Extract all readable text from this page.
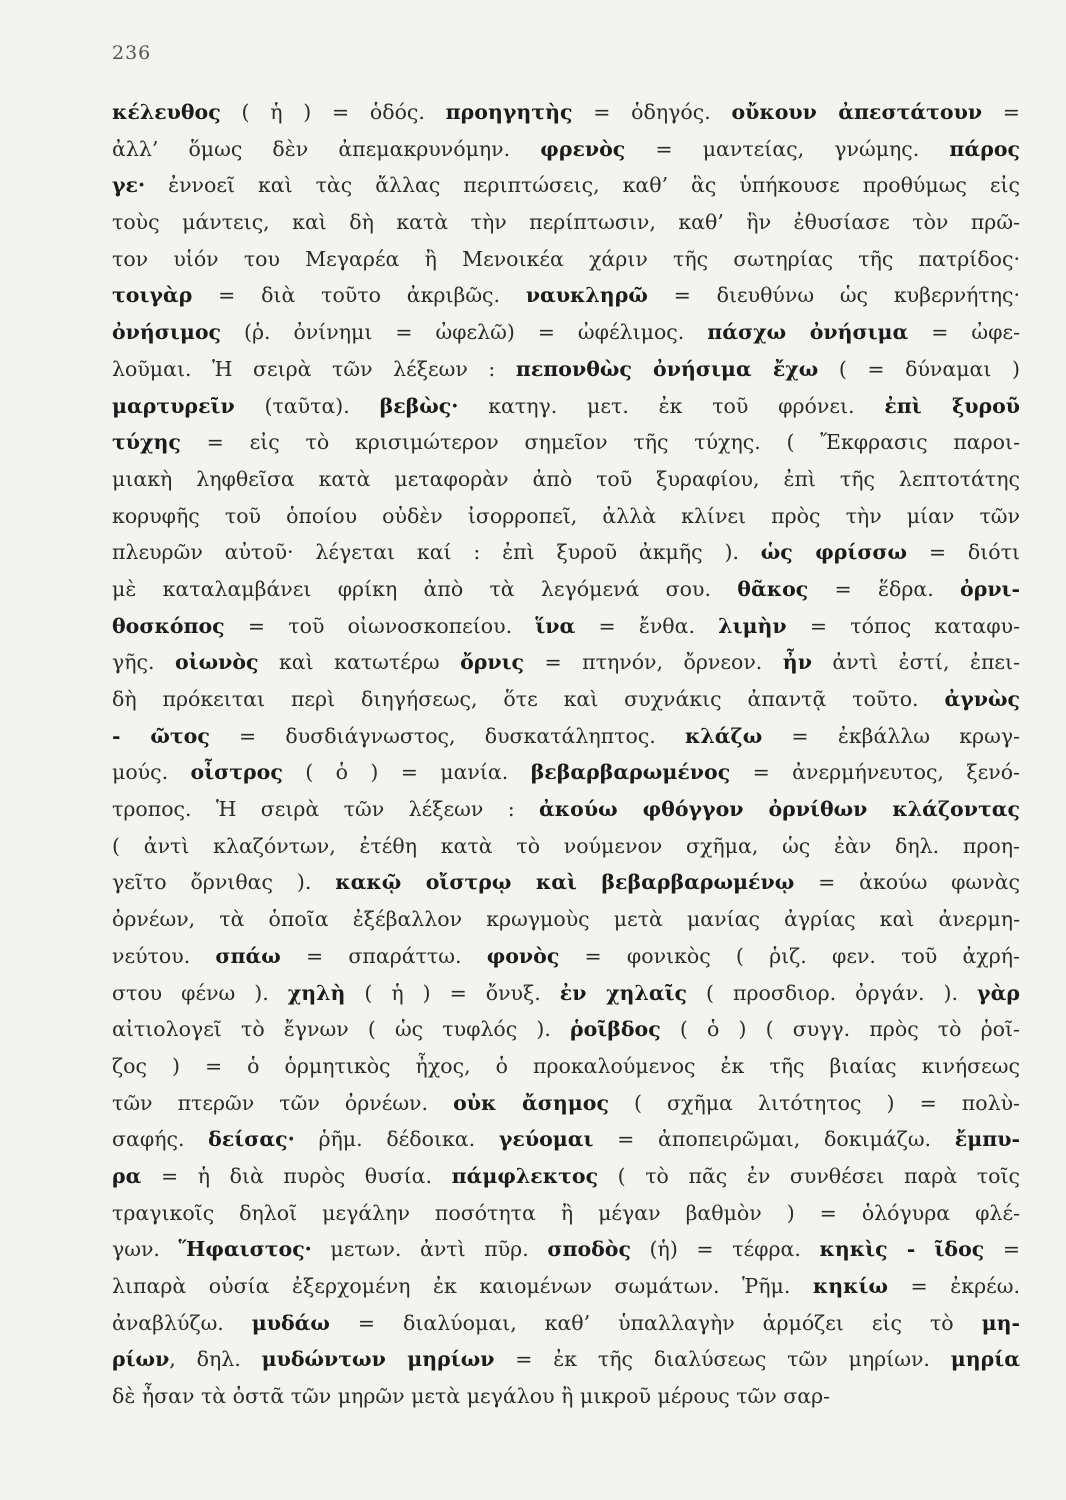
236
κέλευθος ( ἡ ) = ὁδός. προηγητὴς = ὁδηγός. οὔκουν ἀπεστάτουν =
ἀλλ’ ὅμως δὲν ἀπεμακρυνόμην. φρενὸς = μαντείας, γνώμης. πάρος
γε· ἐννοεῖ καὶ τὰς ἄλλας περιπτώσεις, καθ’ ἃς ὑπήκουσε προθύμως εἰς
τοὺς μάντεις, καὶ δὴ κατὰ τὴν περίπτωσιν, καθ’ ἣν ἐθυσίασε τὸν πρῶ-
τον υἱόν του Μεγαρέα ἢ Μενοικέα χάριν τῆς σωτηρίας τῆς πατρίδος·
τοιγὰρ = διὰ τοῦτο ἀκριβῶς. ναυκληρῶ = διευθύνω ὡς κυβερνήτης·
ὀνήσιμος (ῥ. ὀνίνημι = ὠφελῶ) = ὠφέλιμος. πάσχω ὀνήσιμα = ὠφε-
λοῦμαι. Ἡ σειρὰ τῶν λέξεων : πεπονθὼς ὀνήσιμα ἔχω ( = δύναμαι )
μαρτυρεῖν (ταῦτα). βεβὼς· κατηγ. μετ. ἐκ τοῦ φρόνει. ἐπὶ ξυροῦ
τύχης = εἰς τὸ κρισιμώτερον σημεῖον τῆς τύχης. ( Ἔκφρασις παροι-
μιακὴ ληφθεῖσα κατὰ μεταφορὰν ἀπὸ τοῦ ξυραφίου, ἐπὶ τῆς λεπτοτάτης
κορυφῆς τοῦ ὁποίου οὐδὲν ἰσορροπεῖ, ἀλλὰ κλίνει πρὸς τὴν μίαν τῶν
πλευρῶν αὐτοῦ· λέγεται καί : ἐπὶ ξυροῦ ἀκμῆς ). ὡς φρίσσω = διότι
μὲ καταλαμβάνει φρίκη ἀπὸ τὰ λεγόμενά σου. θᾶκος = ἕδρα. ὀρνι-
θοσκόπος = τοῦ οἰωνοσκοπείου. ἵνα = ἔνθα. λιμὴν = τόπος καταφυ-
γῆς. οἰωνὸς καὶ κατωτέρω ὄρνις = πτηνόν, ὄρνεον. ἦν ἀντὶ ἐστί, ἐπει-
δὴ πρόκειται περὶ διηγήσεως, ὅτε καὶ συχνάκις ἀπαντᾷ τοῦτο. ἀγνὼς
- ῶτος = δυσδιάγνωστος, δυσκατάληπτος. κλάζω = ἐκβάλλω κρωγ-
μούς. οἶστρος ( ὁ ) = μανία. βεβαρβαρωμένος = ἀνερμήνευτος, ξενό-
τροπος. Ἡ σειρὰ τῶν λέξεων : ἀκούω φθόγγον ὀρνίθων κλάζοντας
( ἀντὶ κλαζόντων, ἐτέθη κατὰ τὸ νούμενον σχῆμα, ὡς ἐὰν δηλ. προη-
γεῖτο ὄρνιθας ). κακῷ οἴστρῳ καὶ βεβαρβαρωμένῳ = ἀκούω φωνὰς
ὀρνέων, τὰ ὁποῖα ἐξέβαλλον κρωγμοὺς μετὰ μανίας ἀγρίας καὶ ἀνερμη-
νεύτου. σπάω = σπαράττω. φονὸς = φονικὸς ( ῥιζ. φεν. τοῦ ἀχρή-
στου φένω ). χηλὴ ( ἡ ) = ὄνυξ. ἐν χηλαῖς ( προσδιορ. ὀργάν. ). γὰρ
αἰτιολογεῖ τὸ ἔγνων ( ὡς τυφλός ). ῥοῖβδος ( ὁ ) ( συγγ. πρὸς τὸ ῥοῖ-
ζος ) = ὁ ὁρμητικὸς ἦχος, ὁ προκαλούμενος ἐκ τῆς βιαίας κινήσεως
τῶν πτερῶν τῶν ὀρνέων. οὐκ ἄσημος ( σχῆμα λιτότητος ) = πολὺ-
σαφής. δείσας· ῥῆμ. δέδοικα. γεύομαι = ἀποπειρῶμαι, δοκιμάζω. ἔμπυ-
ρα = ἡ διὰ πυρὸς θυσία. πάμφλεκτος ( τὸ πᾶς ἐν συνθέσει παρὰ τοῖς
τραγικοῖς δηλοῖ μεγάλην ποσότητα ἢ μέγαν βαθμὸν ) = ὁλόγυρα φλέ-
γων. Ἥφαιστος· μετων. ἀντὶ πῦρ. σποδὸς (ἡ) = τέφρα. κηκὶς - ῖδος =
λιπαρὰ οὐσία ἐξερχομένη ἐκ καιομένων σωμάτων. Ῥῆμ. κηκίω = ἐκρέω.
ἀναβλύζω. μυδάω = διαλύομαι, καθ’ ὑπαλλαγὴν ἁρμόζει εἰς τὸ μη-
ρίων, δηλ. μυδώντων μηρίων = ἐκ τῆς διαλύσεως τῶν μηρίων. μηρία
δὲ ἦσαν τὰ ὀστᾶ τῶν μηρῶν μετὰ μεγάλου ἢ μικροῦ μέρους τῶν σαρ-
